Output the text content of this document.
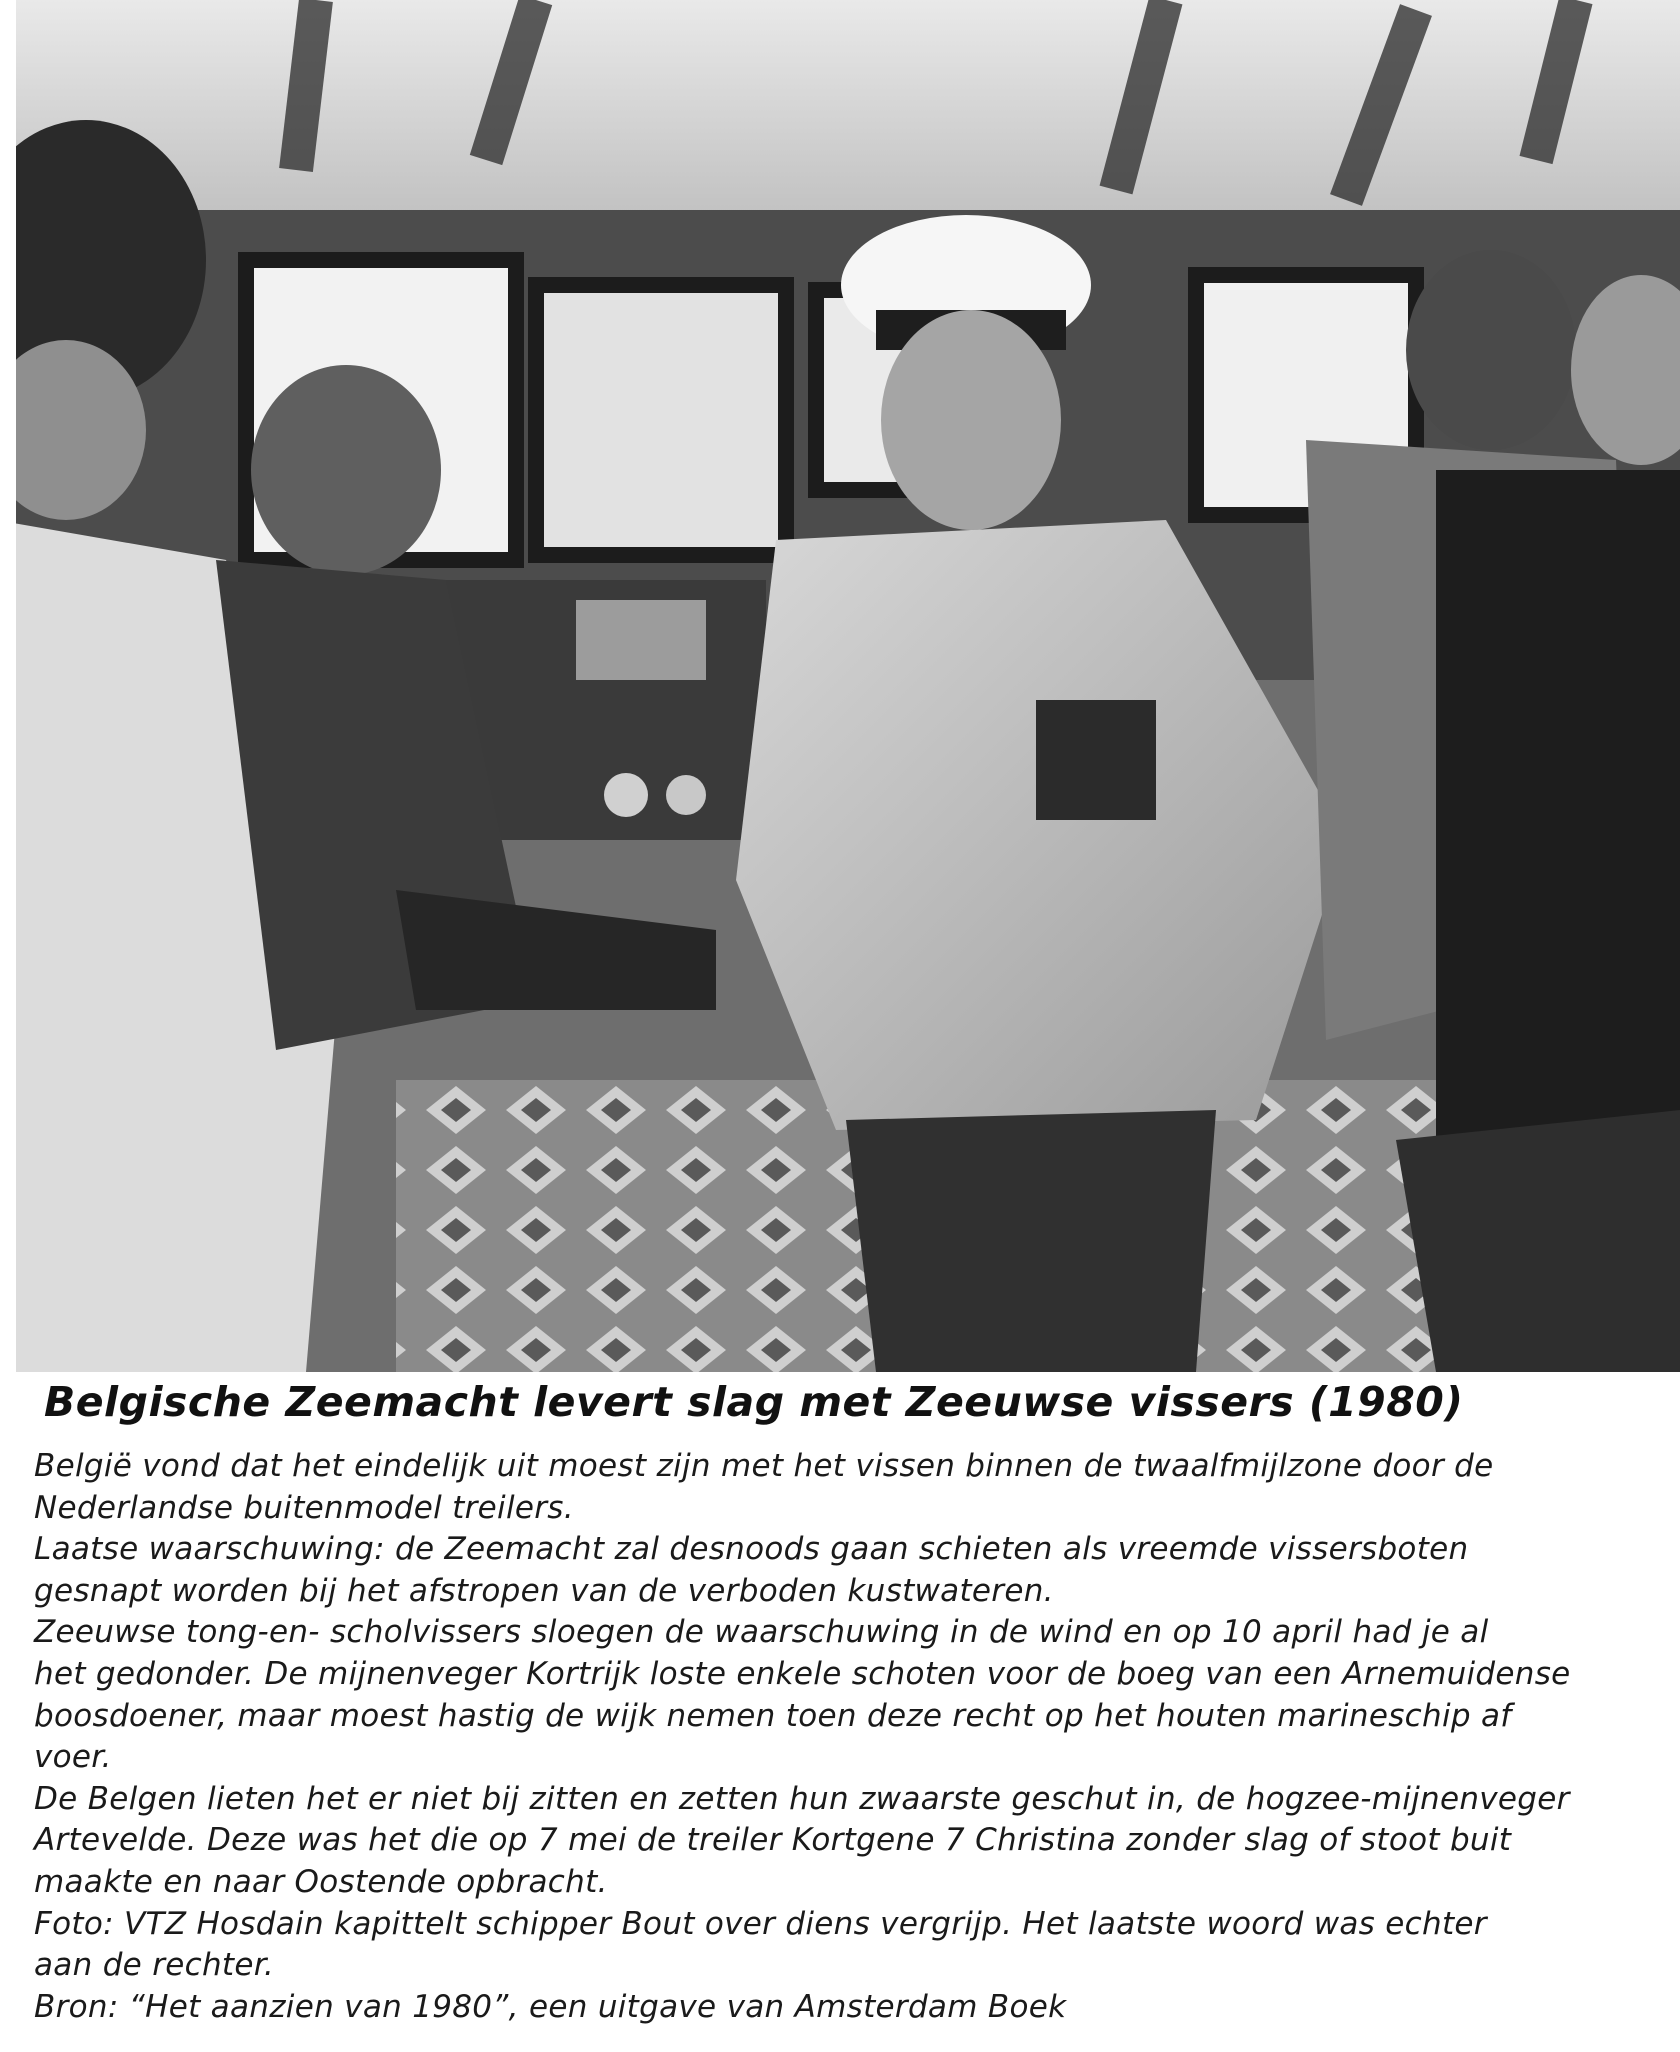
Belgische Zeemacht levert slag met Zeeuwse vissers (1980)
België vond dat het eindelijk uit moest zijn met het vissen binnen de twaalfmijlzone door de
Nederlandse buitenmodel treilers.
Laatse waarschuwing: de Zeemacht zal desnoods gaan schieten als vreemde vissersboten
gesnapt worden bij het afstropen van de verboden kustwateren.
Zeeuwse tong-en- scholvissers sloegen de waarschuwing in de wind en op 10 april had je al
het gedonder. De mijnenveger Kortrijk loste enkele schoten voor de boeg van een Arnemuidense
boosdoener, maar moest hastig de wijk nemen toen deze recht op het houten marineschip af
voer.
De Belgen lieten het er niet bij zitten en zetten hun zwaarste geschut in, de hogzee-mijnenveger
Artevelde. Deze was het die op 7 mei de treiler Kortgene 7 Christina zonder slag of stoot buit
maakte en naar Oostende opbracht.
Foto: VTZ Hosdain kapittelt schipper Bout over diens vergrijp. Het laatste woord was echter
aan de rechter.
Bron: “Het aanzien van 1980”, een uitgave van Amsterdam Boek
